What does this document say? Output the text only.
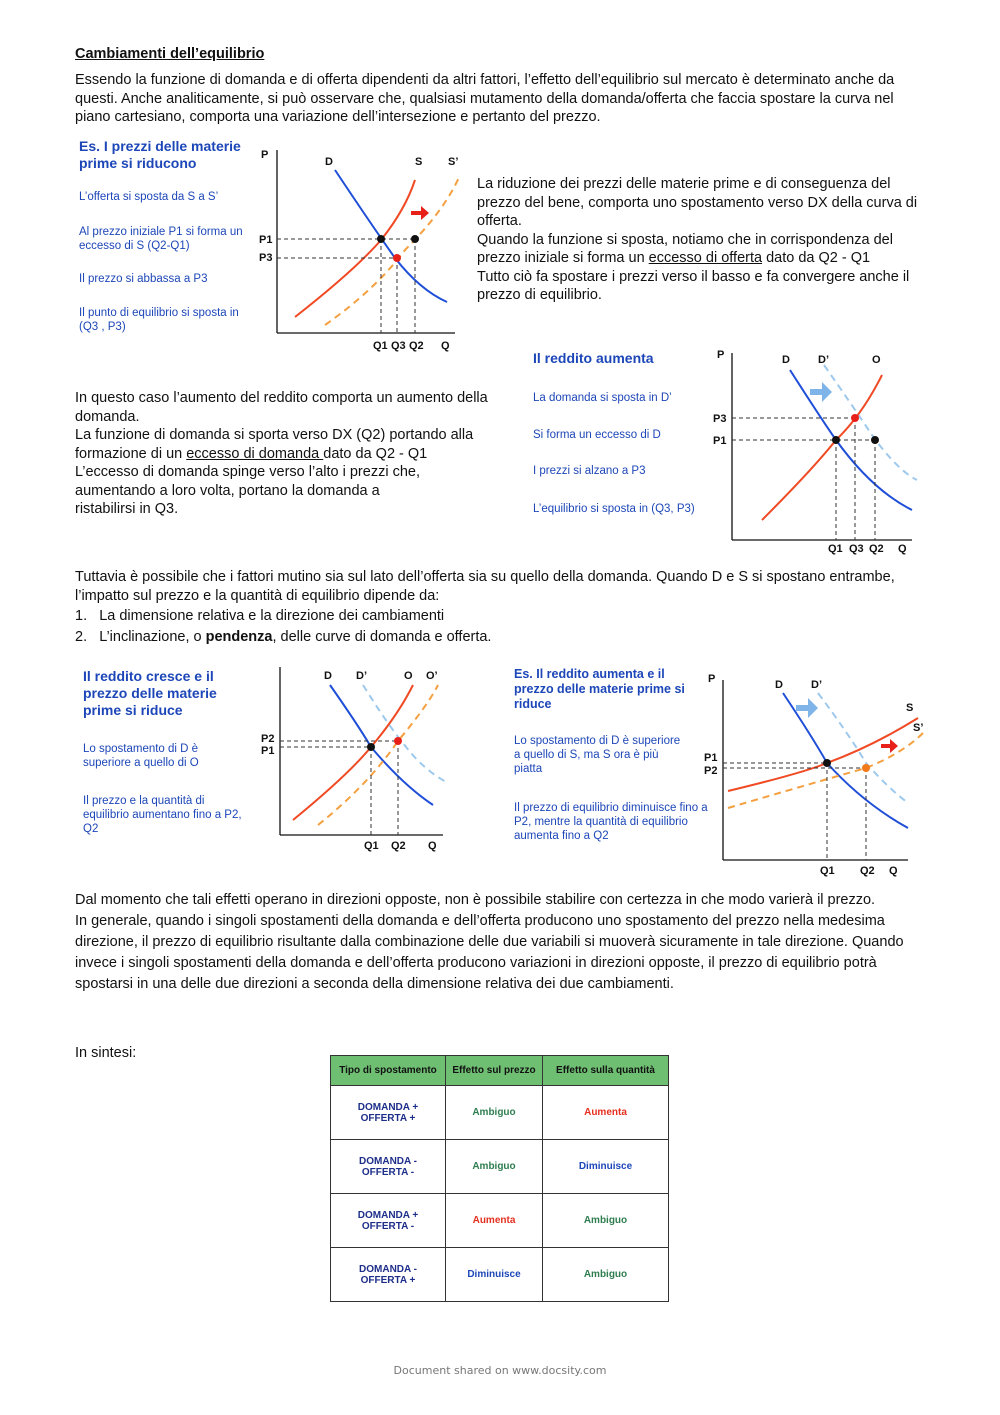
Cambiamenti dell’equilibrio
Essendo la funzione di domanda e di offerta dipendenti da altri fattori, l’effetto dell’equilibrio sul mercato è determinato anche da questi. Anche analiticamente, si può osservare che, qualsiasi mutamento della domanda/offerta che faccia spostare la curva nel piano cartesiano, comporta una variazione dell’intersezione e pertanto del prezzo.
Es. I prezzi delle materie prime si riducono
L’offerta si sposta da S a S’
Al prezzo iniziale P1 si forma un eccesso di S (Q2-Q1)
Il prezzo si abbassa a P3
Il punto di equilibrio si sposta in (Q3 , P3)
P
Q
D	S S’
P1
P3
Q1 Q3 Q2
La riduzione dei prezzi delle materie prime e di conseguenza del prezzo del bene, comporta uno spostamento verso DX della curva di offerta.
Quando la funzione si sposta, notiamo che in corrispondenza del prezzo iniziale si forma un eccesso di offerta dato da Q2 - Q1
Tutto ciò fa spostare i prezzi verso il basso e fa convergere anche il prezzo di equilibrio.
In questo caso l’aumento del reddito comporta un aumento della domanda.
La funzione di domanda si sporta verso DX (Q2) portando alla formazione di un eccesso di domanda dato da Q2 - Q1
L’eccesso di domanda spinge verso l’alto i prezzi che, aumentando a loro volta, portano la domanda a ristabilirsi in Q3.
Il reddito aumenta
La domanda si sposta in D’
Si forma un eccesso di D
I prezzi si alzano a P3
L’equilibrio si sposta in (Q3, P3)
P
Q
D	D’	O
P3
P1
Q1 Q3 Q2
Tuttavia è possibile che i fattori mutino sia sul lato dell’offerta sia su quello della domanda. Quando D e S si spostano entrambe, l’impatto sul prezzo e la quantità di equilibrio dipende da:
1.   La dimensione relativa e la direzione dei cambiamenti
2.   L’inclinazione, o pendenza, delle curve di domanda e offerta.
Il reddito cresce e il prezzo delle materie prime si riduce
Lo spostamento di D è superiore a quello di O
Il prezzo e la quantità di equilibrio aumentano fino a P2, Q2
Q
D D’	O O’
P2
P1
Q1 Q2
Es. Il reddito aumenta e il prezzo delle materie prime si riduce
Lo spostamento di D è superiore a quello di S, ma S ora è più piatta
Il prezzo di equilibrio diminuisce fino a P2, mentre la quantità di equilibrio aumenta fino a Q2
P
Q
D	D’
S
S’
P1
P2
Q1 Q2
Dal momento che tali effetti operano in direzioni opposte, non è possibile stabilire con certezza in che modo varierà il prezzo.
In generale, quando i singoli spostamenti della domanda e dell’offerta producono uno spostamento del prezzo nella medesima direzione, il prezzo di equilibrio risultante dalla combinazione delle due variabili si muoverà sicuramente in tale direzione. Quando invece i singoli spostamenti della domanda e dell’offerta producono variazioni in direzioni opposte, il prezzo di equilibrio potrà spostarsi in una delle due direzioni a seconda della dimensione relativa dei due cambiamenti.
In sintesi:
Tipo di spostamento	Effetto sul prezzo	Effetto sulla quantità

DOMANDA +
OFFERTA +	Ambiguo	Aumenta

DOMANDA -
OFFERTA -	Ambiguo	Diminuisce

DOMANDA +
OFFERTA -	Aumenta	Ambiguo

DOMANDA -
OFFERTA +	Diminuisce	Ambiguo
Document shared on www.docsity.com
